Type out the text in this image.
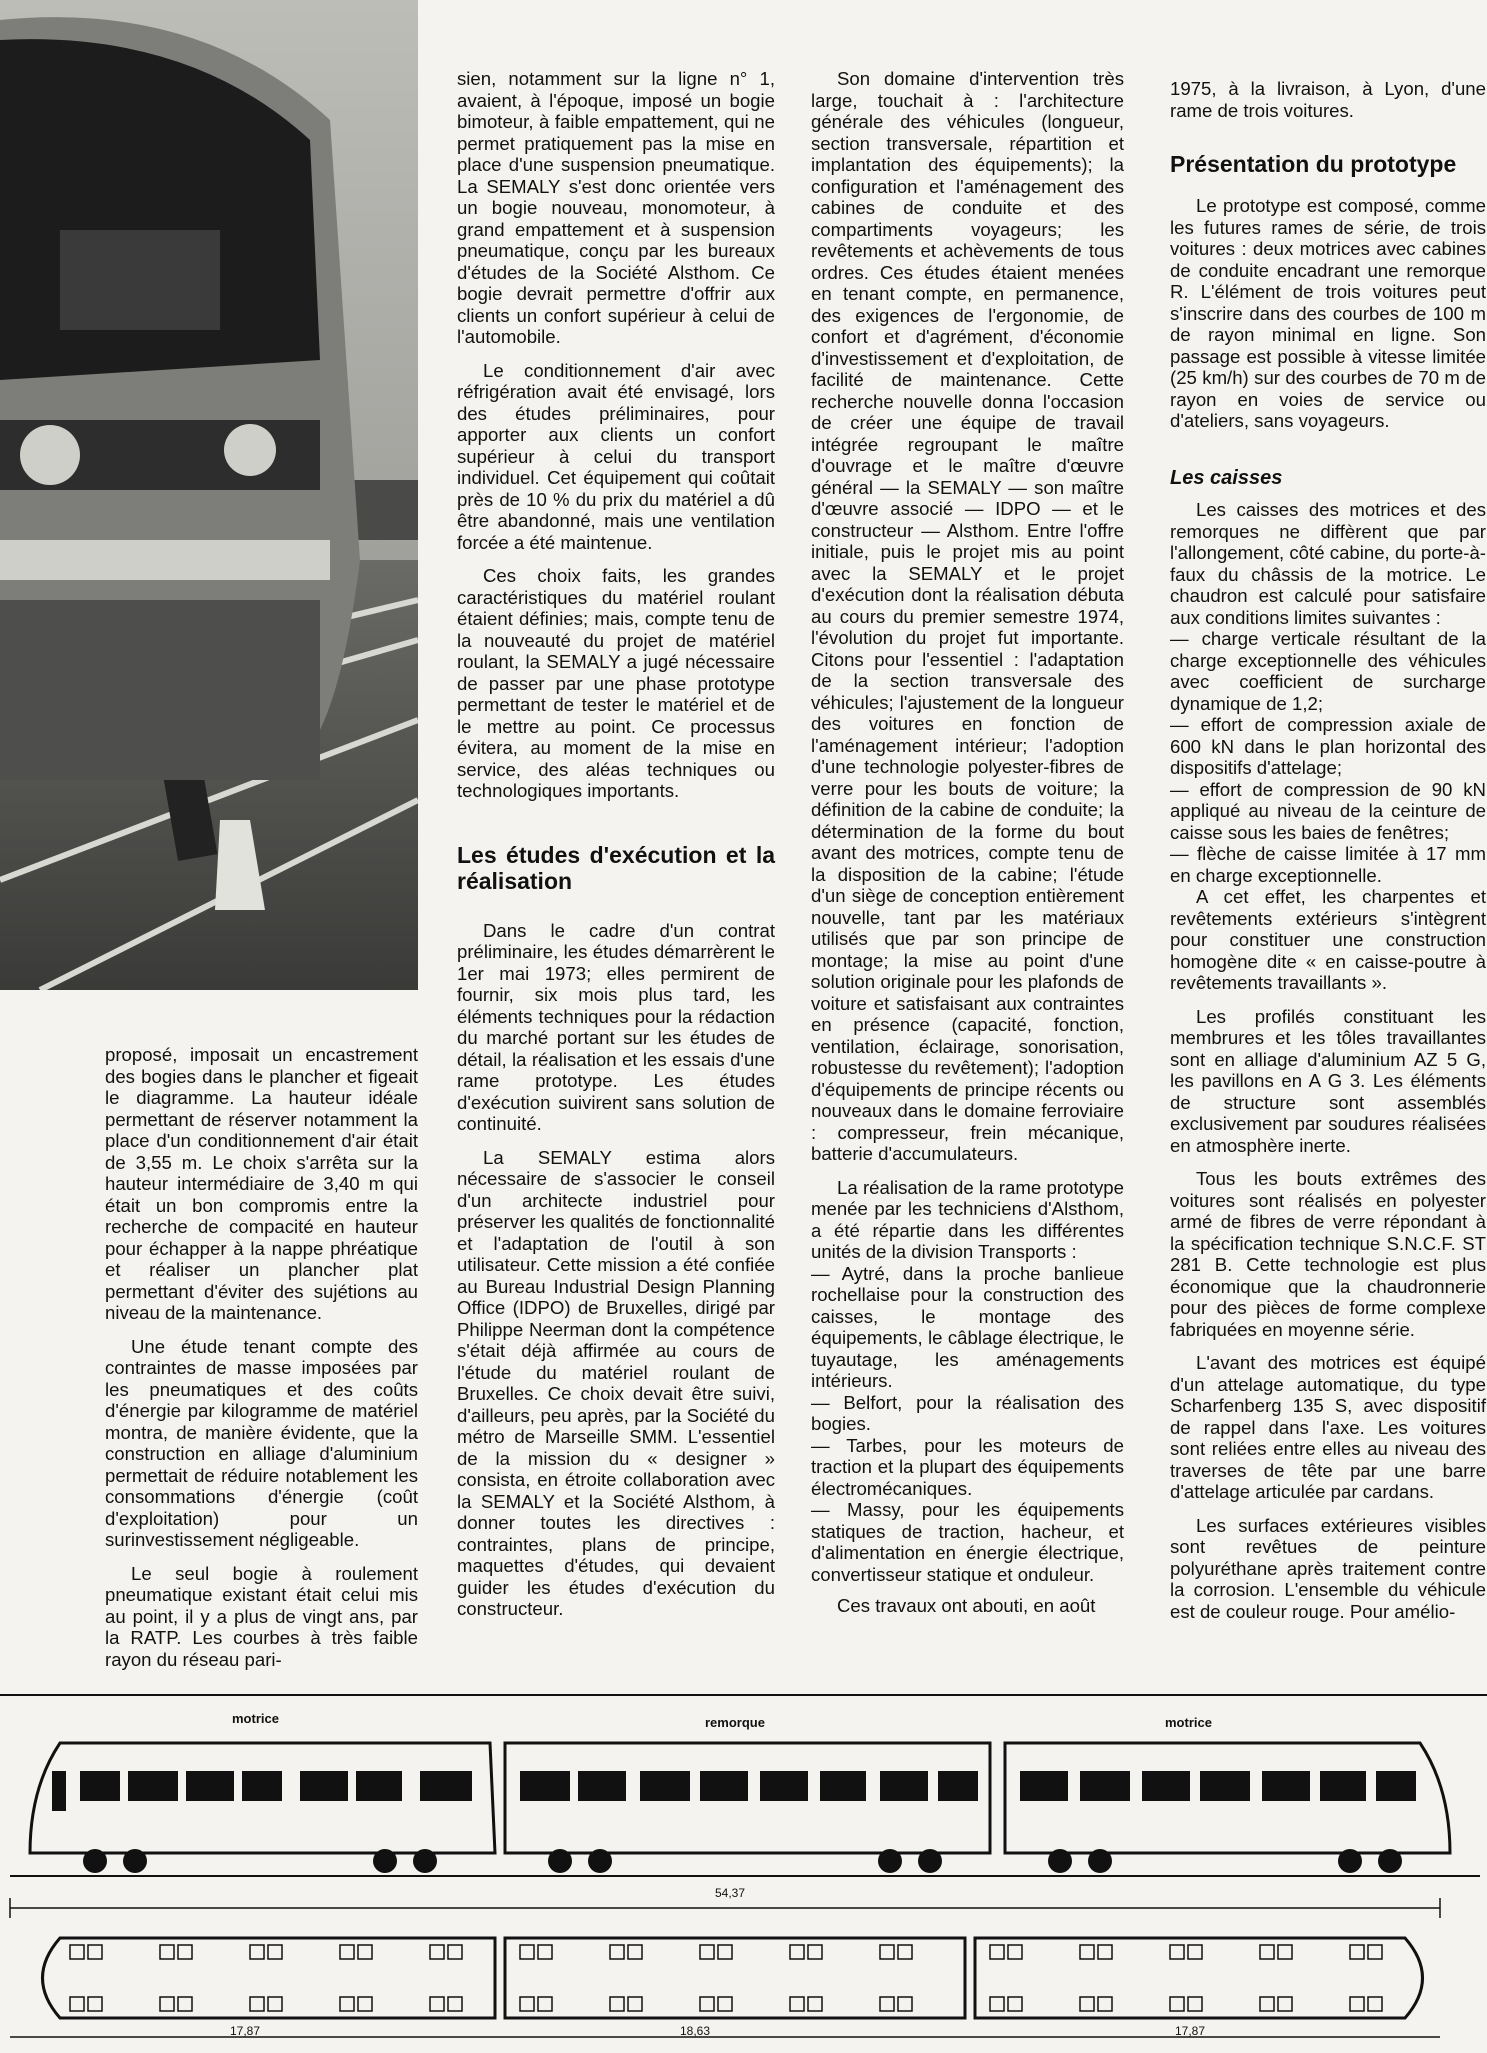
proposé, imposait un encastrement des bogies dans le plancher et figeait le diagramme. La hauteur idéale permettant de réserver notamment la place d'un conditionnement d'air était de 3,55 m. Le choix s'arrêta sur la hauteur intermédiaire de 3,40 m qui était un bon compromis entre la recherche de compacité en hauteur pour échapper à la nappe phréatique et réaliser un plancher plat permettant d'éviter des sujétions au niveau de la maintenance.

Une étude tenant compte des contraintes de masse imposées par les pneumatiques et des coûts d'énergie par kilogramme de matériel montra, de manière évidente, que la construction en alliage d'aluminium permettait de réduire notablement les consommations d'énergie (coût d'exploitation) pour un surinvestissement négligeable.

Le seul bogie à roulement pneumatique existant était celui mis au point, il y a plus de vingt ans, par la RATP. Les courbes à très faible rayon du réseau pari-

sien, notamment sur la ligne n° 1, avaient, à l'époque, imposé un bogie bimoteur, à faible empattement, qui ne permet pratiquement pas la mise en place d'une suspension pneumatique. La SEMALY s'est donc orientée vers un bogie nouveau, monomoteur, à grand empattement et à suspension pneumatique, conçu par les bureaux d'études de la Société Alsthom. Ce bogie devrait permettre d'offrir aux clients un confort supérieur à celui de l'automobile.

Le conditionnement d'air avec réfrigération avait été envisagé, lors des études préliminaires, pour apporter aux clients un confort supérieur à celui du transport individuel. Cet équipement qui coûtait près de 10 % du prix du matériel a dû être abandonné, mais une ventilation forcée a été maintenue.

Ces choix faits, les grandes caractéristiques du matériel roulant étaient définies; mais, compte tenu de la nouveauté du projet de matériel roulant, la SEMALY a jugé nécessaire de passer par une phase prototype permettant de tester le matériel et de le mettre au point. Ce processus évitera, au moment de la mise en service, des aléas techniques ou technologiques importants.

Les études d'exécution et la réalisation

Dans le cadre d'un contrat préliminaire, les études démarrèrent le 1er mai 1973; elles permirent de fournir, six mois plus tard, les éléments techniques pour la rédaction du marché portant sur les études de détail, la réalisation et les essais d'une rame prototype. Les études d'exécution suivirent sans solution de continuité.

La SEMALY estima alors nécessaire de s'associer le conseil d'un architecte industriel pour préserver les qualités de fonctionnalité et l'adaptation de l'outil à son utilisateur. Cette mission a été confiée au Bureau Industrial Design Planning Office (IDPO) de Bruxelles, dirigé par Philippe Neerman dont la compétence s'était déjà affirmée au cours de l'étude du matériel roulant de Bruxelles. Ce choix devait être suivi, d'ailleurs, peu après, par la Société du métro de Marseille SMM. L'essentiel de la mission du « designer » consista, en étroite collaboration avec la SEMALY et la Société Alsthom, à donner toutes les directives : contraintes, plans de principe, maquettes d'études, qui devaient guider les études d'exécution du constructeur.

Son domaine d'intervention très large, touchait à : l'architecture générale des véhicules (longueur, section transversale, répartition et implantation des équipements); la configuration et l'aménagement des cabines de conduite et des compartiments voyageurs; les revêtements et achèvements de tous ordres. Ces études étaient menées en tenant compte, en permanence, des exigences de l'ergonomie, de confort et d'agrément, d'économie d'investissement et d'exploitation, de facilité de maintenance. Cette recherche nouvelle donna l'occasion de créer une équipe de travail intégrée regroupant le maître d'ouvrage et le maître d'œuvre général — la SEMALY — son maître d'œuvre associé — IDPO — et le constructeur — Alsthom. Entre l'offre initiale, puis le projet mis au point avec la SEMALY et le projet d'exécution dont la réalisation débuta au cours du premier semestre 1974, l'évolution du projet fut importante. Citons pour l'essentiel : l'adaptation de la section transversale des véhicules; l'ajustement de la longueur des voitures en fonction de l'aménagement intérieur; l'adoption d'une technologie polyester-fibres de verre pour les bouts de voiture; la définition de la cabine de conduite; la détermination de la forme du bout avant des motrices, compte tenu de la disposition de la cabine; l'étude d'un siège de conception entièrement nouvelle, tant par les matériaux utilisés que par son principe de montage; la mise au point d'une solution originale pour les plafonds de voiture et satisfaisant aux contraintes en présence (capacité, fonction, ventilation, éclairage, sonorisation, robustesse du revêtement); l'adoption d'équipements de principe récents ou nouveaux dans le domaine ferroviaire : compresseur, frein mécanique, batterie d'accumulateurs.

La réalisation de la rame prototype menée par les techniciens d'Alsthom, a été répartie dans les différentes unités de la division Transports :

— Aytré, dans la proche banlieue rochellaise pour la construction des caisses, le montage des équipements, le câblage électrique, le tuyautage, les aménagements intérieurs.

— Belfort, pour la réalisation des bogies.

— Tarbes, pour les moteurs de traction et la plupart des équipements électromécaniques.

— Massy, pour les équipements statiques de traction, hacheur, et d'alimentation en énergie électrique, convertisseur statique et onduleur.

Ces travaux ont abouti, en août

1975, à la livraison, à Lyon, d'une rame de trois voitures.

Présentation du prototype

Le prototype est composé, comme les futures rames de série, de trois voitures : deux motrices avec cabines de conduite encadrant une remorque R. L'élément de trois voitures peut s'inscrire dans des courbes de 100 m de rayon minimal en ligne. Son passage est possible à vitesse limitée (25 km/h) sur des courbes de 70 m de rayon en voies de service ou d'ateliers, sans voyageurs.

Les caisses

Les caisses des motrices et des remorques ne diffèrent que par l'allongement, côté cabine, du porte-à-faux du châssis de la motrice. Le chaudron est calculé pour satisfaire aux conditions limites suivantes :

— charge verticale résultant de la charge exceptionnelle des véhicules avec coefficient de surcharge dynamique de 1,2;

— effort de compression axiale de 600 kN dans le plan horizontal des dispositifs d'attelage;

— effort de compression de 90 kN appliqué au niveau de la ceinture de caisse sous les baies de fenêtres;

— flèche de caisse limitée à 17 mm en charge exceptionnelle.

A cet effet, les charpentes et revêtements extérieurs s'intègrent pour constituer une construction homogène dite « en caisse-poutre à revêtements travaillants ».

Les profilés constituant les membrures et les tôles travaillantes sont en alliage d'aluminium AZ 5 G, les pavillons en A G 3. Les éléments de structure sont assemblés exclusivement par soudures réalisées en atmosphère inerte.

Tous les bouts extrêmes des voitures sont réalisés en polyester armé de fibres de verre répondant à la spécification technique S.N.C.F. ST 281 B. Cette technologie est plus économique que la chaudronnerie pour des pièces de forme complexe fabriquées en moyenne série.

L'avant des motrices est équipé d'un attelage automatique, du type Scharfenberg 135 S, avec dispositif de rappel dans l'axe. Les voitures sont reliées entre elles au niveau des traverses de tête par une barre d'attelage articulée par cardans.

Les surfaces extérieures visibles sont revêtues de peinture polyuréthane après traitement contre la corrosion. L'ensemble du véhicule est de couleur rouge. Pour amélio-

motrice	remorque	motrice
54,37
17,87	18,63	17,87
